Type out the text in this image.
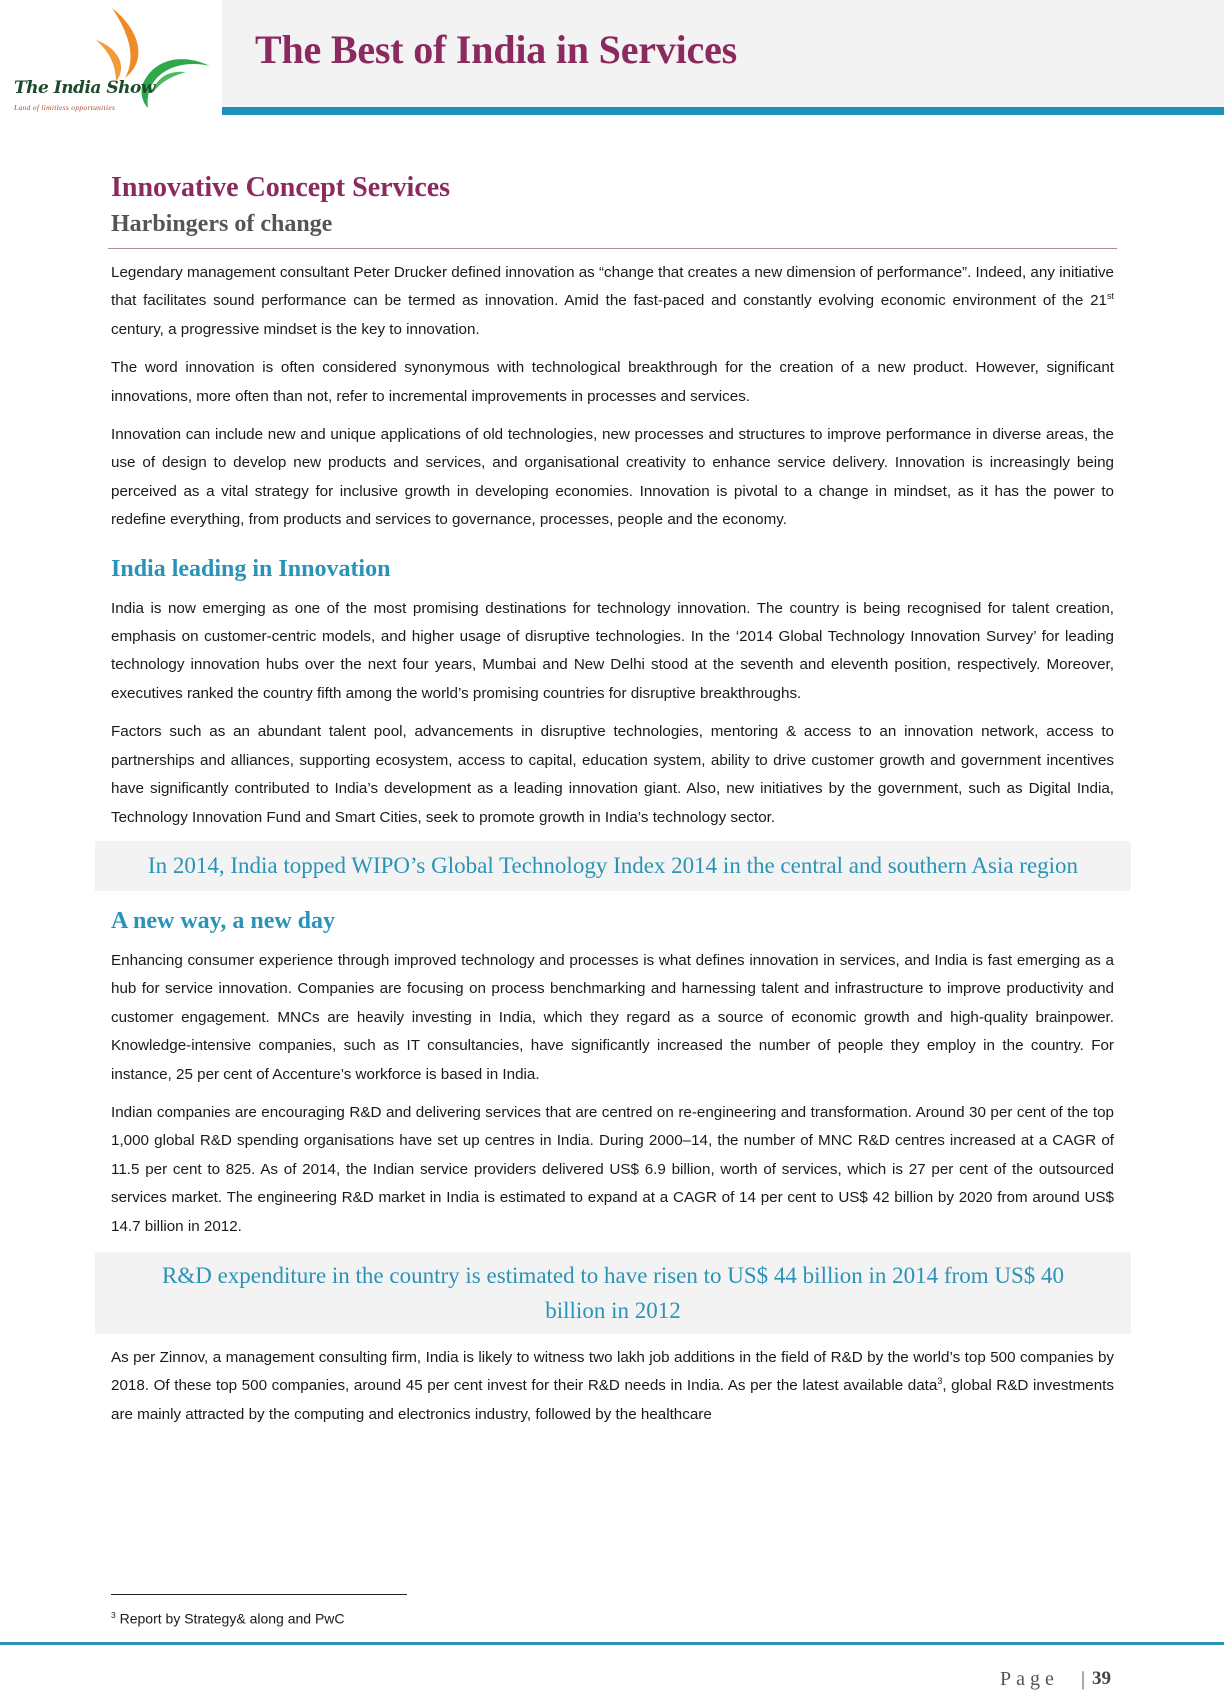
The India Show
Land of limitless opportunities
The Best of India in Services
Innovative Concept Services
Harbingers of change

Legendary management consultant Peter Drucker defined innovation as “change that creates a new dimension of performance”. Indeed, any initiative that facilitates sound performance can be termed as innovation. Amid the fast-paced and constantly evolving economic environment of the 21st century, a progressive mindset is the key to innovation.

The word innovation is often considered synonymous with technological breakthrough for the creation of a new product. However, significant innovations, more often than not, refer to incremental improvements in processes and services.

Innovation can include new and unique applications of old technologies, new processes and structures to improve performance in diverse areas, the use of design to develop new products and services, and organisational creativity to enhance service delivery. Innovation is increasingly being perceived as a vital strategy for inclusive growth in developing economies. Innovation is pivotal to a change in mindset, as it has the power to redefine everything, from products and services to governance, processes, people and the economy.

India leading in Innovation

India is now emerging as one of the most promising destinations for technology innovation. The country is being recognised for talent creation, emphasis on customer-centric models, and higher usage of disruptive technologies. In the ‘2014 Global Technology Innovation Survey’ for leading technology innovation hubs over the next four years, Mumbai and New Delhi stood at the seventh and eleventh position, respectively. Moreover, executives ranked the country fifth among the world’s promising countries for disruptive breakthroughs.

Factors such as an abundant talent pool, advancements in disruptive technologies, mentoring & access to an innovation network, access to partnerships and alliances, supporting ecosystem, access to capital, education system, ability to drive customer growth and government incentives have significantly contributed to India’s development as a leading innovation giant. Also, new initiatives by the government, such as Digital India, Technology Innovation Fund and Smart Cities, seek to promote growth in India’s technology sector.

In 2014, India topped WIPO’s Global Technology Index 2014 in the central and southern Asia region
A new way, a new day

Enhancing consumer experience through improved technology and processes is what defines innovation in services, and India is fast emerging as a hub for service innovation. Companies are focusing on process benchmarking and harnessing talent and infrastructure to improve productivity and customer engagement. MNCs are heavily investing in India, which they regard as a source of economic growth and high-quality brainpower. Knowledge-intensive companies, such as IT consultancies, have significantly increased the number of people they employ in the country. For instance, 25 per cent of Accenture’s workforce is based in India.

Indian companies are encouraging R&D and delivering services that are centred on re-engineering and transformation. Around 30 per cent of the top 1,000 global R&D spending organisations have set up centres in India. During 2000–14, the number of MNC R&D centres increased at a CAGR of 11.5 per cent to 825. As of 2014, the Indian service providers delivered US$ 6.9 billion, worth of services, which is 27 per cent of the outsourced services market. The engineering R&D market in India is estimated to expand at a CAGR of 14 per cent to US$ 42 billion by 2020 from around US$ 14.7 billion in 2012.

R&D expenditure in the country is estimated to have risen to US$ 44 billion in 2014 from US$ 40 billion in 2012

As per Zinnov, a management consulting firm, India is likely to witness two lakh job additions in the field of R&D by the world’s top 500 companies by 2018. Of these top 500 companies, around 45 per cent invest for their R&D needs in India. As per the latest available data$^3$, global R&D investments are mainly attracted by the computing and electronics industry, followed by the healthcare

$^3$ Report by Strategy& along and PwC
Page | 39
